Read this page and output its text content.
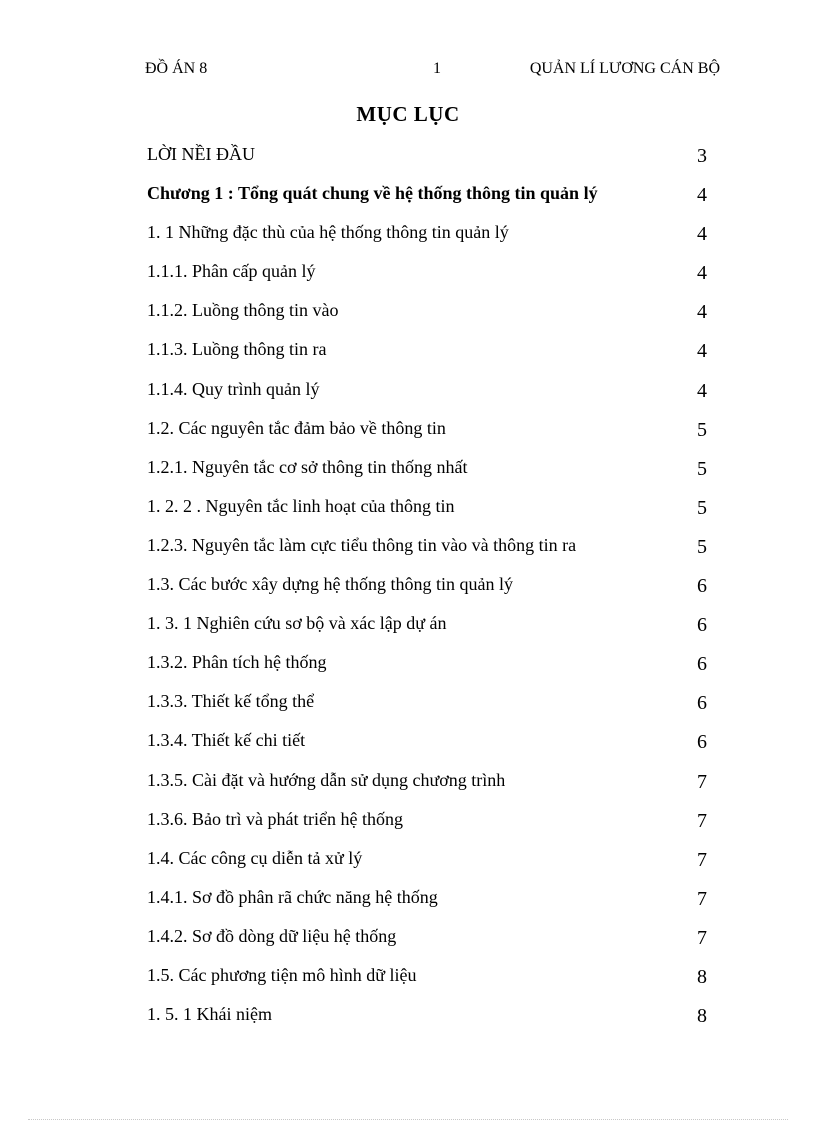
ĐỒ ÁN 8	1	QUẢN LÍ LƯƠNG CÁN BỘ
MỤC LỤC
LỜI NỀI ĐẦU	3
Chương 1 : Tổng quát chung về hệ thống thông tin quản lý	4
1. 1 Những đặc thù của hệ thống thông tin quản lý	4
1.1.1. Phân cấp quản lý	4
1.1.2. Luồng thông tin vào	4
1.1.3. Luồng thông tin ra	4
1.1.4. Quy trình quản lý	4
1.2. Các nguyên tắc đảm bảo về thông tin	5
1.2.1. Nguyên tắc cơ sở thông tin thống nhất	5
1. 2. 2 . Nguyên tắc linh hoạt của thông tin	5
1.2.3. Nguyên tắc làm cực tiểu thông tin vào và thông tin ra	5
1.3. Các bước xây dựng hệ thống thông tin quản lý	6
1. 3. 1 Nghiên cứu sơ bộ và xác lập dự án	6
1.3.2. Phân tích hệ thống	6
1.3.3. Thiết kế tổng thể	6
1.3.4. Thiết kế chi tiết	6
1.3.5. Cài đặt và hướng dẫn sử dụng chương trình	7
1.3.6. Bảo trì và phát triển hệ thống	7
1.4. Các công cụ diễn tả xử lý	7
1.4.1. Sơ đồ phân rã chức năng hệ thống	7
1.4.2. Sơ đồ dòng dữ liệu hệ thống	7
1.5. Các phương tiện mô hình dữ liệu	8
1. 5. 1 Khái niệm	8
